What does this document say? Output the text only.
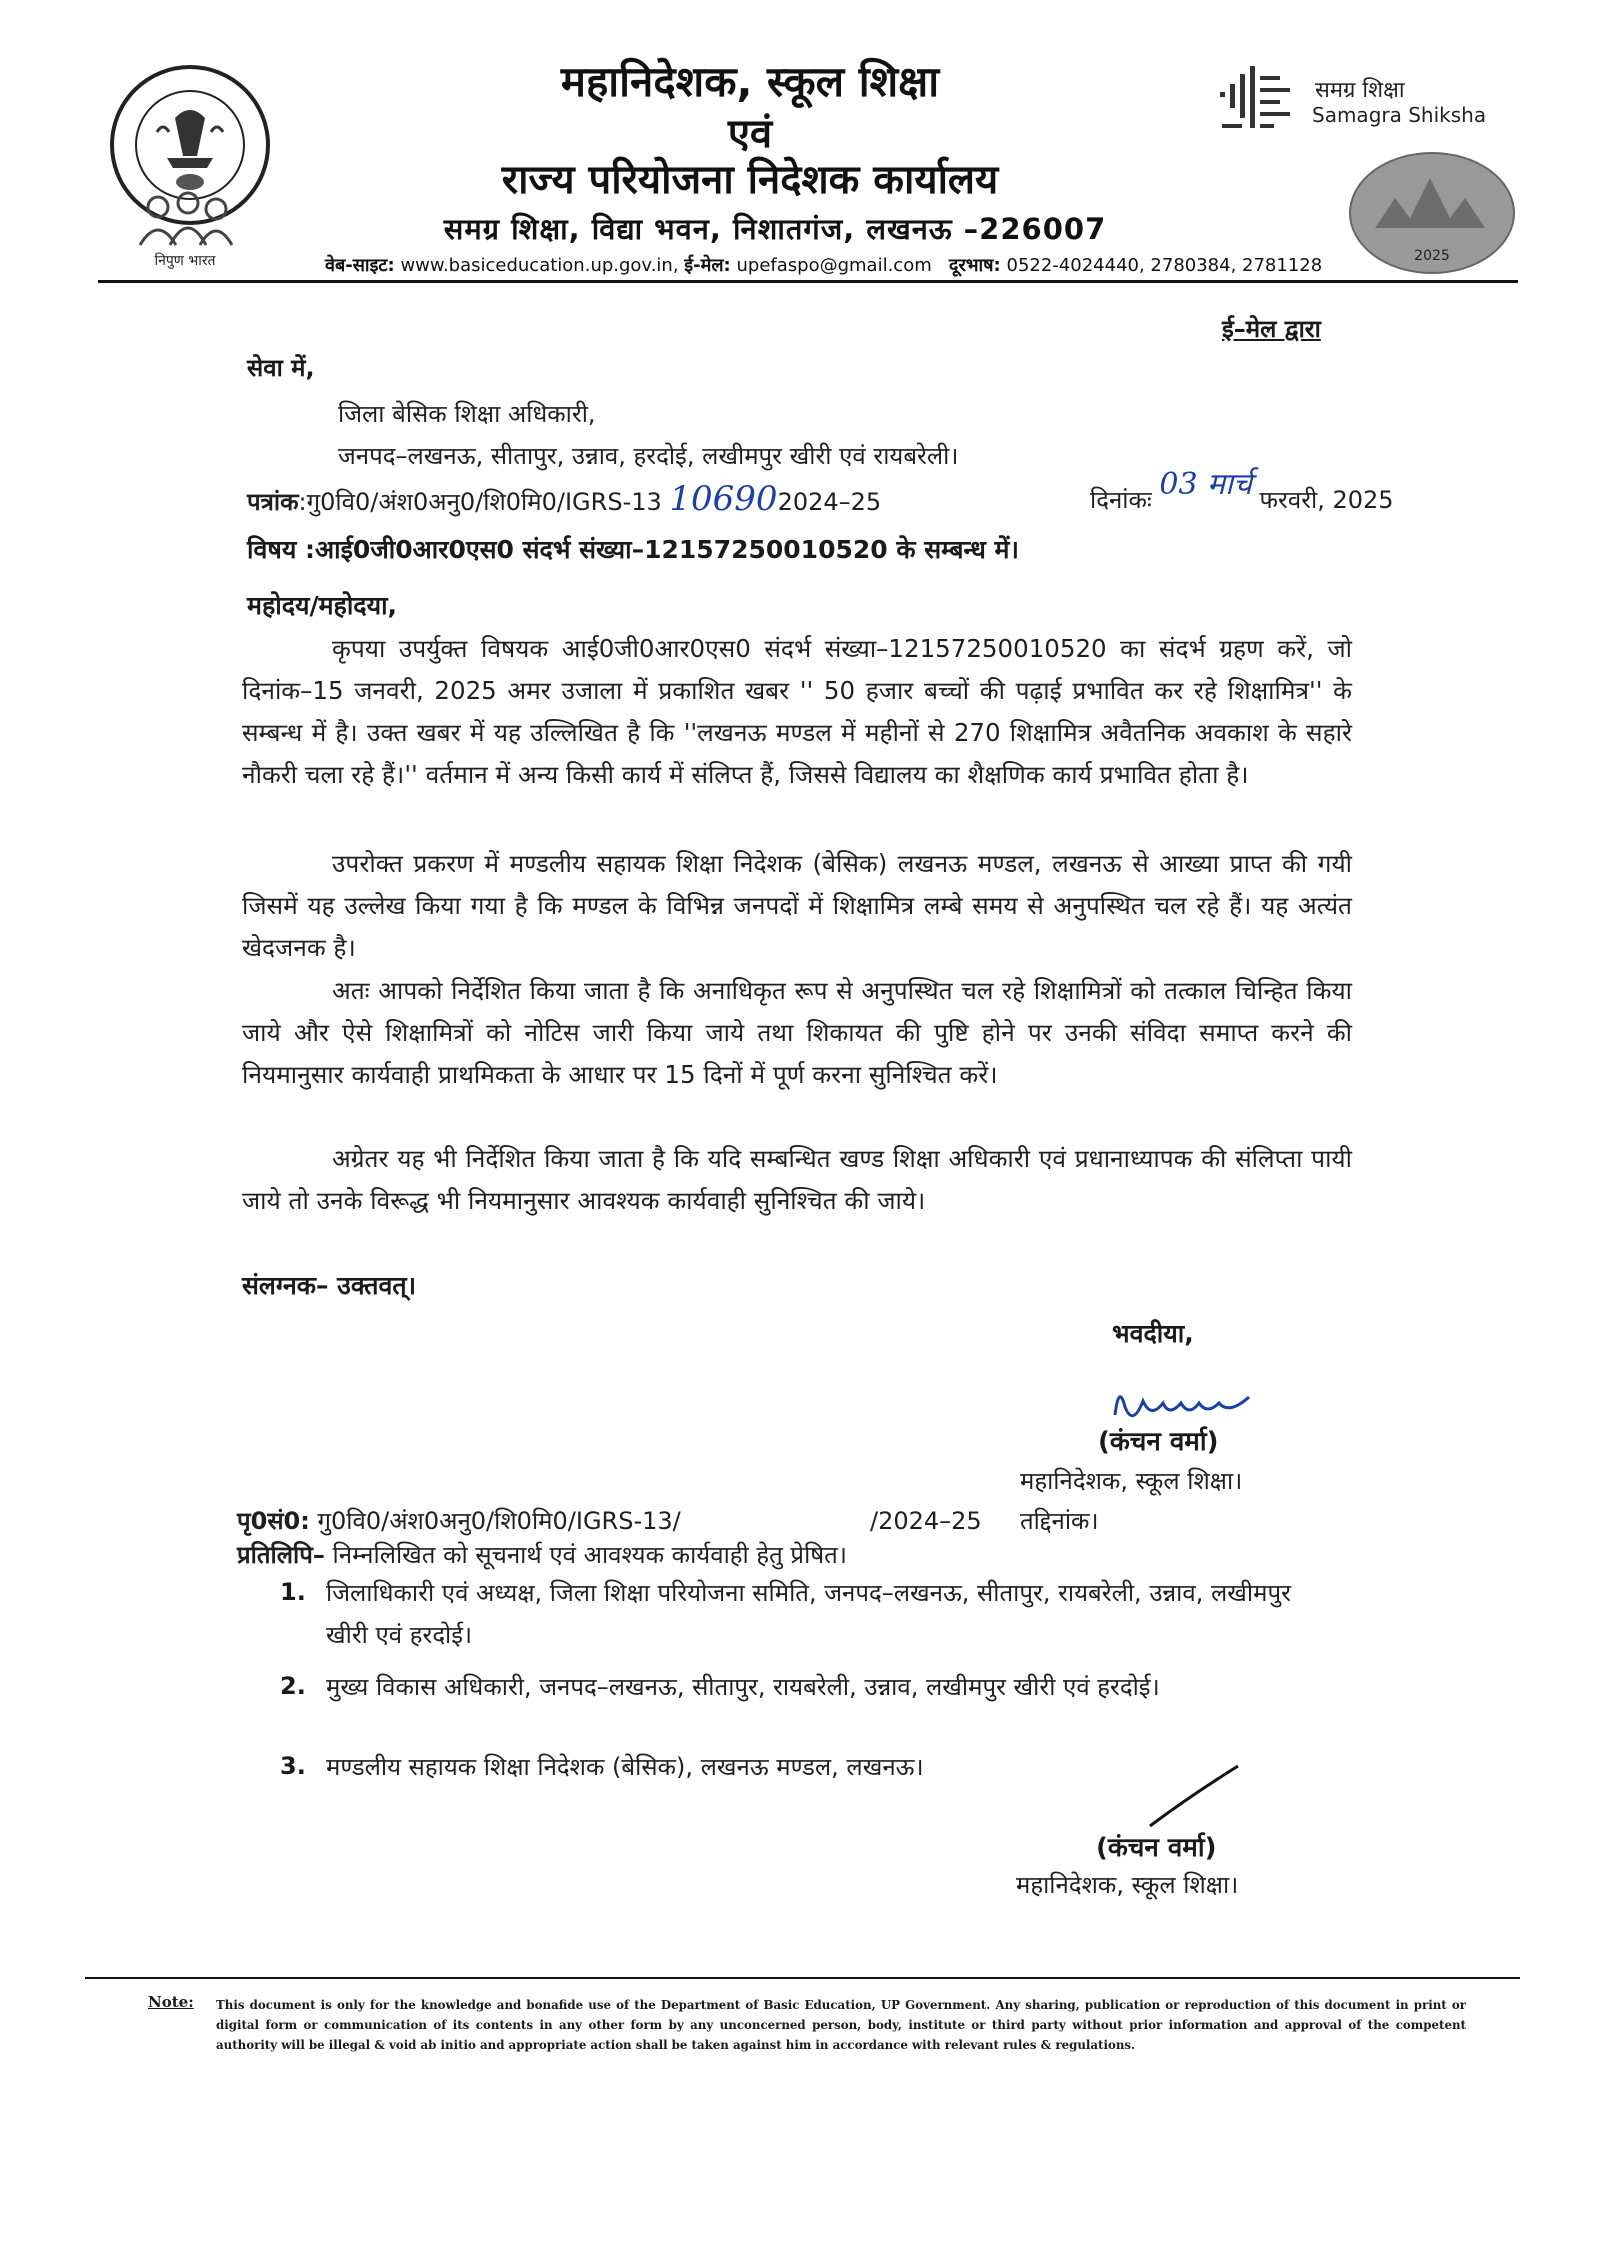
निपुण भारत
महानिदेशक, स्कूल शिक्षा
एवं
राज्य परियोजना निदेशक कार्यालय
समग्र शिक्षा, विद्या भवन, निशातगंज, लखनऊ –226007
वेब-साइट: www.basiceducation.up.gov.in, ई-मेल: upefaspo@gmail.com दूरभाष: 0522-4024440, 2780384, 2781128
समग्र शिक्षा
Samagra Shiksha
2025
ई–मेल द्वारा
सेवा में,
जिला बेसिक शिक्षा अधिकारी,
जनपद–लखनऊ, सीतापुर, उन्नाव, हरदोई, लखीमपुर खीरी एवं रायबरेली।
पत्रांक:गु0वि0/अंश0अनु0/शि0मि0/IGRS-13 106902024–25	दिनांकः 03 मार्च फरवरी, 2025
विषय :आई0जी0आर0एस0 संदर्भ संख्या–12157250010520 के सम्बन्ध में।
महोदय/महोदया,
कृपया उपर्युक्त विषयक आई0जी0आर0एस0 संदर्भ संख्या–12157250010520 का संदर्भ ग्रहण करें, जो दिनांक–15 जनवरी, 2025 अमर उजाला में प्रकाशित खबर '' 50 हजार बच्चों की पढ़ाई प्रभावित कर रहे शिक्षामित्र'' के सम्बन्ध में है। उक्त खबर में यह उल्लिखित है कि ''लखनऊ मण्डल में महीनों से 270 शिक्षामित्र अवैतनिक अवकाश के सहारे नौकरी चला रहे हैं।'' वर्तमान में अन्य किसी कार्य में संलिप्त हैं, जिससे विद्यालय का शैक्षणिक कार्य प्रभावित होता है।
उपरोक्त प्रकरण में मण्डलीय सहायक शिक्षा निदेशक (बेसिक) लखनऊ मण्डल, लखनऊ से आख्या प्राप्त की गयी जिसमें यह उल्लेख किया गया है कि मण्डल के विभिन्न जनपदों में शिक्षामित्र लम्बे समय से अनुपस्थित चल रहे हैं। यह अत्यंत खेदजनक है।
अतः आपको निर्देशित किया जाता है कि अनाधिकृत रूप से अनुपस्थित चल रहे शिक्षामित्रों को तत्काल चिन्हित किया जाये और ऐसे शिक्षामित्रों को नोटिस जारी किया जाये तथा शिकायत की पुष्टि होने पर उनकी संविदा समाप्त करने की नियमानुसार कार्यवाही प्राथमिकता के आधार पर 15 दिनों में पूर्ण करना सुनिश्चित करें।
अग्रेतर यह भी निर्देशित किया जाता है कि यदि सम्बन्धित खण्ड शिक्षा अधिकारी एवं प्रधानाध्यापक की संलिप्ता पायी जाये तो उनके विरूद्ध भी नियमानुसार आवश्यक कार्यवाही सुनिश्चित की जाये।
संलग्नक– उक्तवत्।
भवदीया,
(कंचन वर्मा)
महानिदेशक, स्कूल शिक्षा।
पृ0सं0: गु0वि0/अंश0अनु0/शि0मि0/IGRS-13/	/2024–25 तद्दिनांक।
प्रतिलिपि– निम्नलिखित को सूचनार्थ एवं आवश्यक कार्यवाही हेतु प्रेषित।
1. जिलाधिकारी एवं अध्यक्ष, जिला शिक्षा परियोजना समिति, जनपद–लखनऊ, सीतापुर, रायबरेली, उन्नाव, लखीमपुर खीरी एवं हरदोई।
2. मुख्य विकास अधिकारी, जनपद–लखनऊ, सीतापुर, रायबरेली, उन्नाव, लखीमपुर खीरी एवं हरदोई।
3. मण्डलीय सहायक शिक्षा निदेशक (बेसिक), लखनऊ मण्डल, लखनऊ।
(कंचन वर्मा)
महानिदेशक, स्कूल शिक्षा।
Note: This document is only for the knowledge and bonafide use of the Department of Basic Education, UP Government. Any sharing, publication or reproduction of this document in print or digital form or communication of its contents in any other form by any unconcerned person, body, institute or third party without prior information and approval of the competent authority will be illegal & void ab initio and appropriate action shall be taken against him in accordance with relevant rules & regulations.
